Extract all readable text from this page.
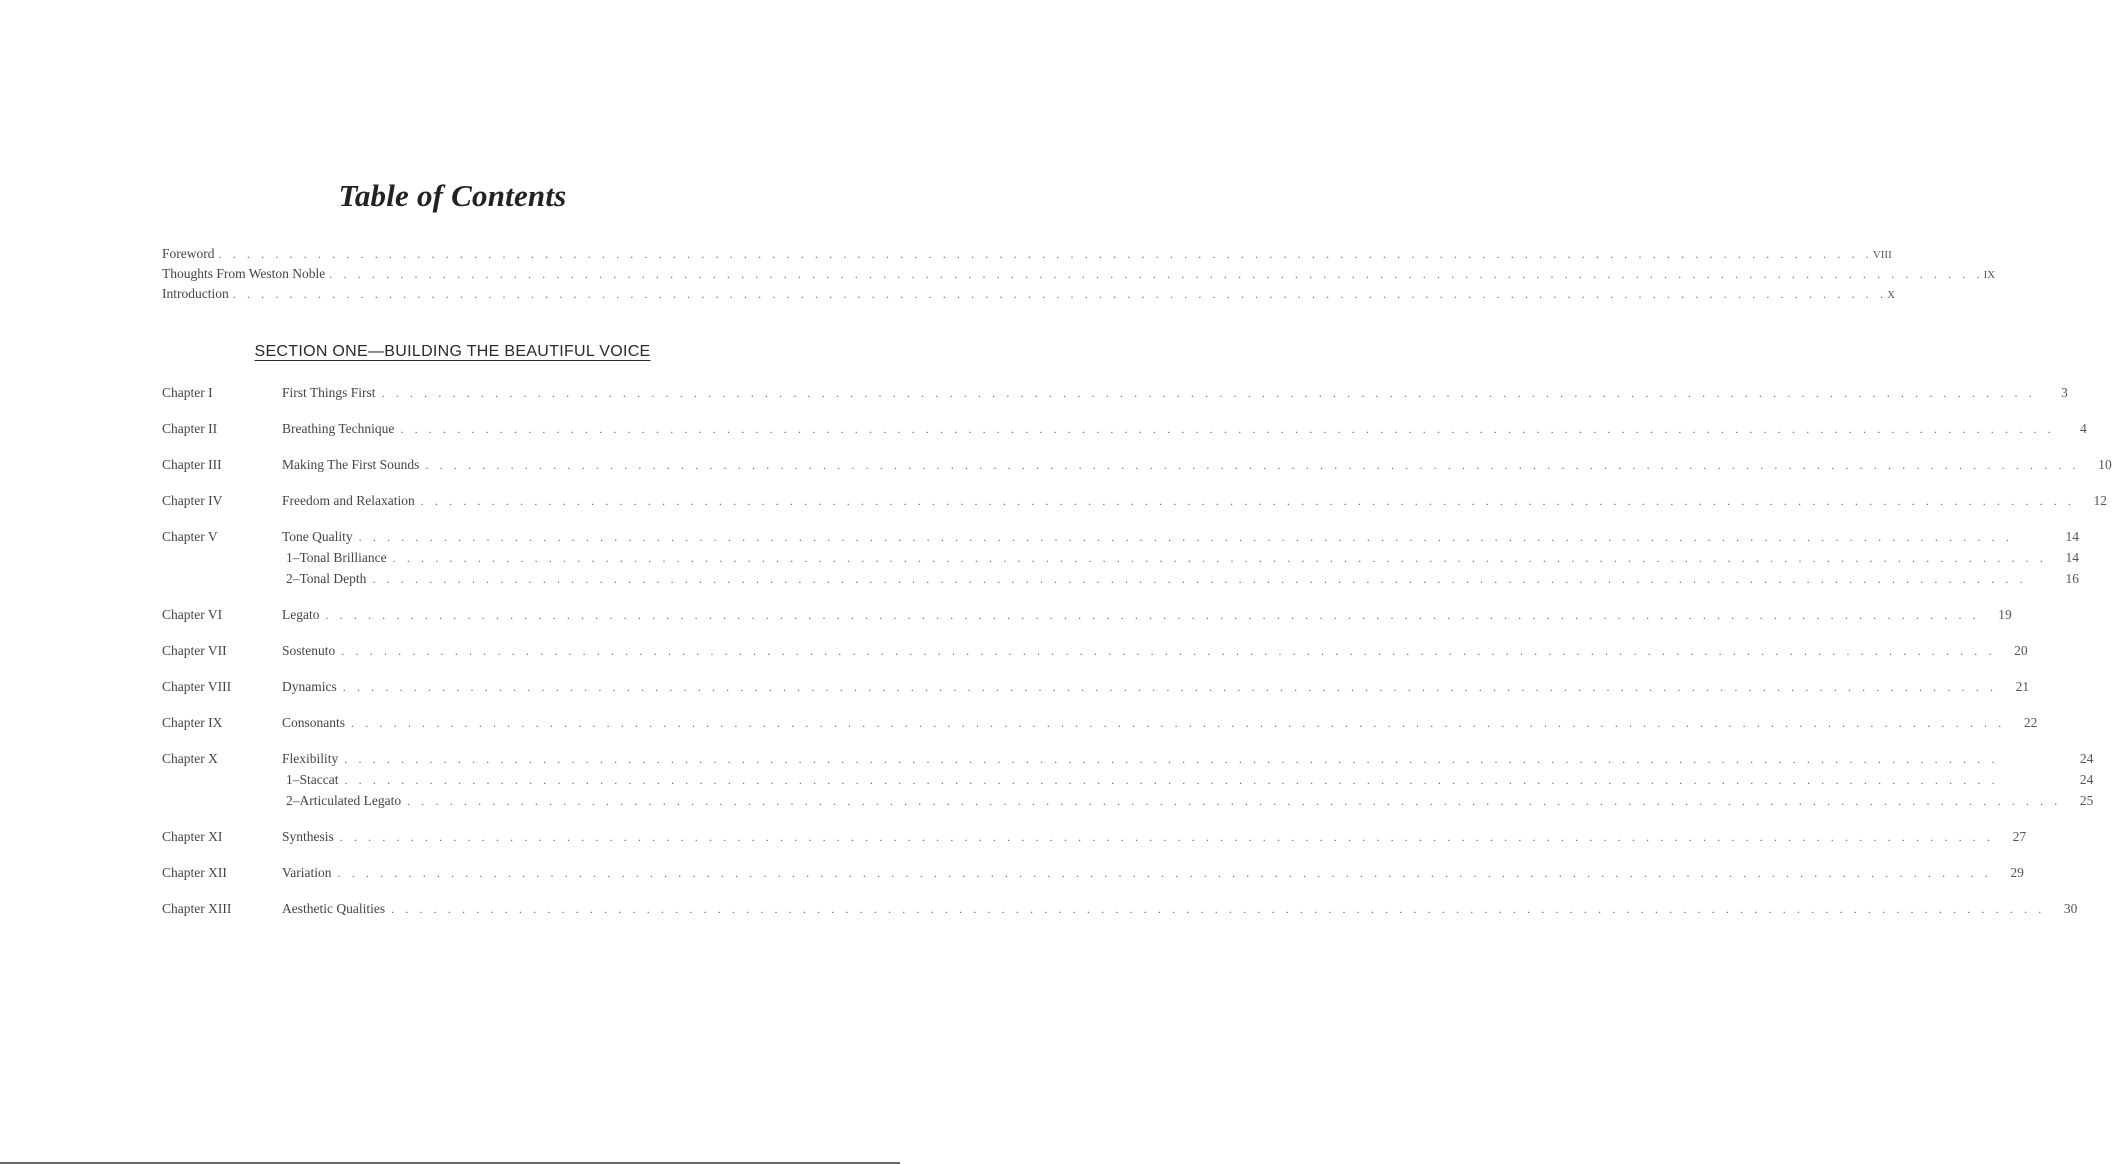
Table of Contents
Foreword . . .	VIII
Thoughts From Weston Noble . . .	IX
Introduction . . .	X
SECTION ONE—BUILDING THE BEAUTIFUL VOICE
Chapter I	First Things First . . .	3
Chapter II	Breathing Technique . . .	4
Chapter III	Making The First Sounds . . .	10
Chapter IV	Freedom and Relaxation . . .	12
Chapter V	Tone Quality . . .	14
1–Tonal Brilliance . . .	14
2–Tonal Depth . . .	16
Chapter VI	Legato . . .	19
Chapter VII	Sostenuto . . .	20
Chapter VIII	Dynamics . . .	21
Chapter IX	Consonants . . .	22
Chapter X	Flexibility . . .	24
1–Staccat . . .	24
2–Articulated Legato . . .	25
Chapter XI	Synthesis . . .	27
Chapter XII	Variation . . .	29
Chapter XIII	Aesthetic Qualities . . .	30
